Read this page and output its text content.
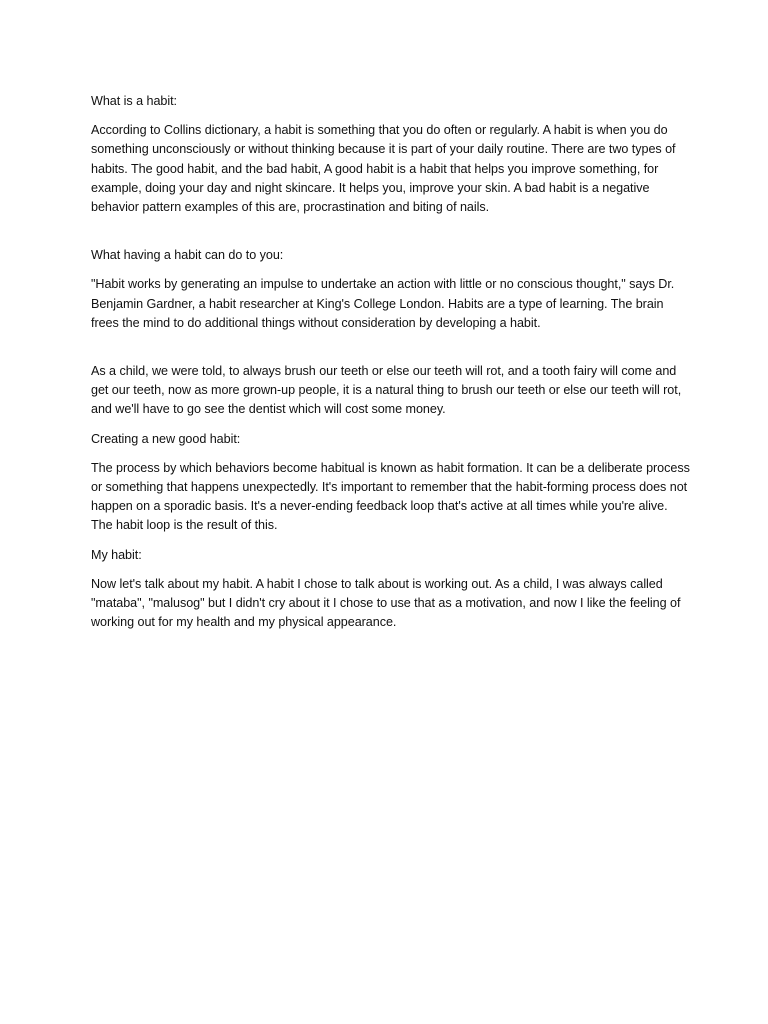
What is a habit:

According to Collins dictionary, a habit is something that you do often or regularly. A habit is when you do something unconsciously or without thinking because it is part of your daily routine. There are two types of habits. The good habit, and the bad habit, A good habit is a habit that helps you improve something, for example, doing your day and night skincare. It helps you, improve your skin. A bad habit is a negative behavior pattern examples of this are, procrastination and biting of nails.

What having a habit can do to you:

"Habit works by generating an impulse to undertake an action with little or no conscious thought," says Dr. Benjamin Gardner, a habit researcher at King's College London. Habits are a type of learning. The brain frees the mind to do additional things without consideration by developing a habit.

As a child, we were told, to always brush our teeth or else our teeth will rot, and a tooth fairy will come and get our teeth, now as more grown-up people, it is a natural thing to brush our teeth or else our teeth will rot, and we'll have to go see the dentist which will cost some money.

Creating a new good habit:

The process by which behaviors become habitual is known as habit formation. It can be a deliberate process or something that happens unexpectedly. It's important to remember that the habit-forming process does not happen on a sporadic basis. It's a never-ending feedback loop that's active at all times while you're alive. The habit loop is the result of this.

My habit:

Now let's talk about my habit. A habit I chose to talk about is working out. As a child, I was always called "mataba", "malusog" but I didn't cry about it I chose to use that as a motivation, and now I like the feeling of working out for my health and my physical appearance.
